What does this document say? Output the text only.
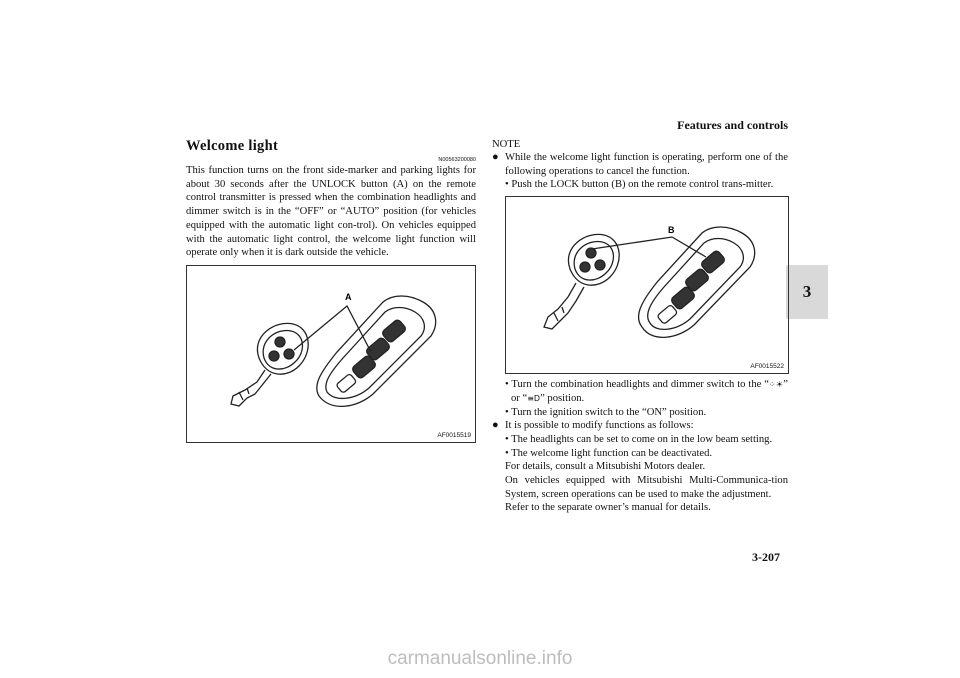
Features and controls
3
Welcome light
N00563200080

This function turns on the front side-marker and parking lights for about 30 seconds after the UNLOCK button (A) on the remote control transmitter is pressed when the combination headlights and dimmer switch is in the “OFF” or “AUTO” position (for vehicles equipped with the automatic light con-trol). On vehicles equipped with the automatic light control, the welcome light function will operate only when it is dark outside the vehicle.

A
AF0015519
NOTE
● While the welcome light function is operating, perform one of the following operations to cancel the function.

• Push the LOCK button (B) on the remote control trans-mitter.
B
AF0015522
• Turn the combination headlights and dimmer switch to the “⁘☀” or “≡D” position.
• Turn the ignition switch to the “ON” position.
● It is possible to modify functions as follows:

• The headlights can be set to come on in the low beam setting.
• The welcome light function can be deactivated.
For details, consult a Mitsubishi Motors dealer.
On vehicles equipped with Mitsubishi Multi-Communica-tion System, screen operations can be used to make the adjustment.
Refer to the separate owner’s manual for details.
3-207
carmanualsonline.info
